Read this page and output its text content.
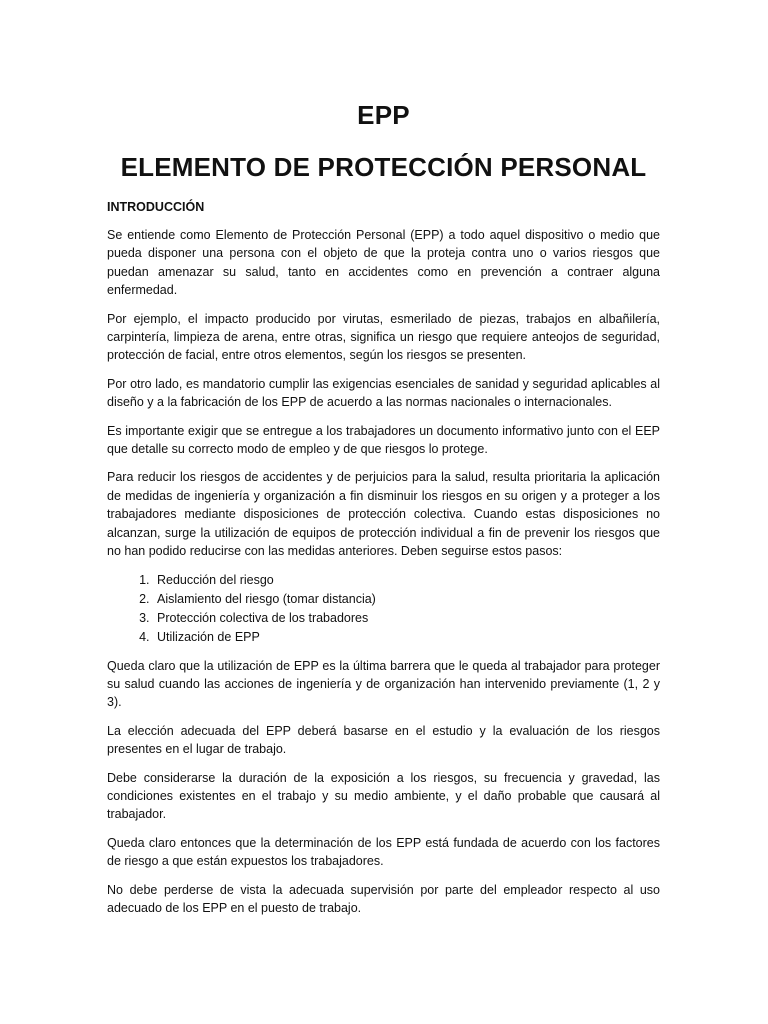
EPP
ELEMENTO DE PROTECCIÓN PERSONAL
INTRODUCCIÓN

Se entiende como Elemento de Protección Personal (EPP) a todo aquel dispositivo o medio que pueda disponer una persona con el objeto de que la proteja contra uno o varios riesgos que puedan amenazar su salud, tanto en accidentes como en prevención a contraer alguna enfermedad.

Por ejemplo, el impacto producido por virutas, esmerilado de piezas, trabajos en albañilería, carpintería, limpieza de arena, entre otras, significa un riesgo que requiere anteojos de seguridad, protección de facial, entre otros elementos, según los riesgos se presenten.

Por otro lado, es mandatorio cumplir las exigencias esenciales de sanidad y seguridad aplicables al diseño y a la fabricación de los EPP de acuerdo a las normas nacionales o internacionales.

Es importante exigir que se entregue a los trabajadores un documento informativo junto con el EEP que detalle su correcto modo de empleo y de que riesgos lo protege.

Para reducir los riesgos de accidentes y de perjuicios para la salud, resulta prioritaria la aplicación de medidas de ingeniería y organización a fin disminuir los riesgos en su origen y a proteger a los trabajadores mediante disposiciones de protección colectiva. Cuando estas disposiciones no alcanzan, surge la utilización de equipos de protección individual a fin de prevenir los riesgos que no han podido reducirse con las medidas anteriores. Deben seguirse estos pasos:

1. Reducción del riesgo
2. Aislamiento del riesgo (tomar distancia)
3. Protección colectiva de los trabadores
4. Utilización de EPP

Queda claro que la utilización de EPP es la última barrera que le queda al trabajador para proteger su salud cuando las acciones de ingeniería y de organización han intervenido previamente (1, 2 y 3).

La elección adecuada del EPP deberá basarse en el estudio y la evaluación de los riesgos presentes en el lugar de trabajo.

Debe considerarse la duración de la exposición a los riesgos, su frecuencia y gravedad, las condiciones existentes en el trabajo y su medio ambiente, y el daño probable que causará al trabajador.

Queda claro entonces que la determinación de los EPP está fundada de acuerdo con los factores de riesgo a que están expuestos los trabajadores.

No debe perderse de vista la adecuada supervisión por parte del empleador respecto al uso adecuado de los EPP en el puesto de trabajo.
